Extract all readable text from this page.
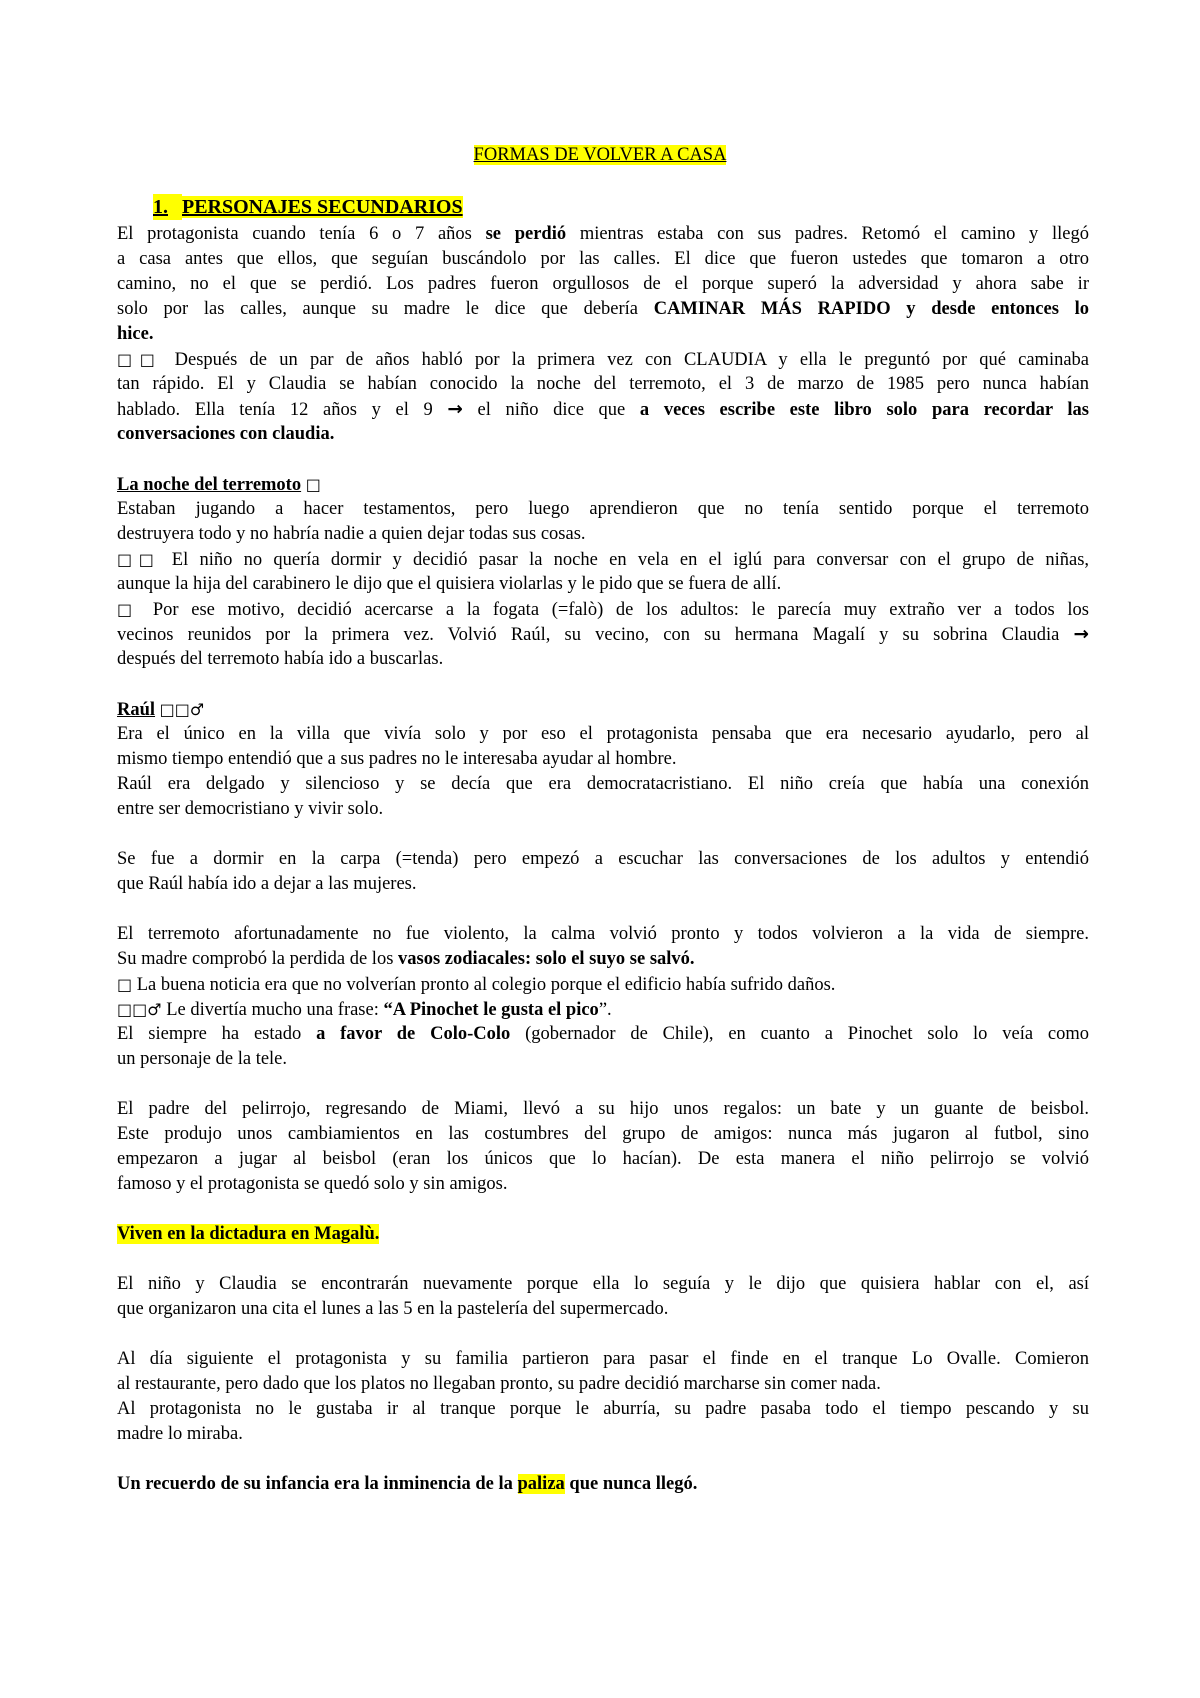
FORMAS DE VOLVER A CASA
1. PERSONAJES SECUNDARIOS
El protagonista cuando tenía 6 o 7 años se perdió mientras estaba con sus padres. Retomó el camino y llegó
a casa antes que ellos, que seguían buscándolo por las calles. El dice que fueron ustedes que tomaron a otro
camino, no el que se perdió. Los padres fueron orgullosos de el porque superó la adversidad y ahora sabe ir
solo por las calles, aunque su madre le dice que debería CAMINAR MÁS RAPIDO y desde entonces lo
hice.
□□ Después de un par de años habló por la primera vez con CLAUDIA y ella le preguntó por qué caminaba
tan rápido. El y Claudia se habían conocido la noche del terremoto, el 3 de marzo de 1985 pero nunca habían
hablado. Ella tenía 12 años y el 9 → el niño dice que a veces escribe este libro solo para recordar las
conversaciones con claudia.
La noche del terremoto □
Estaban jugando a hacer testamentos, pero luego aprendieron que no tenía sentido porque el terremoto
destruyera todo y no habría nadie a quien dejar todas sus cosas.
□□ El niño no quería dormir y decidió pasar la noche en vela en el iglú para conversar con el grupo de niñas,
aunque la hija del carabinero le dijo que el quisiera violarlas y le pido que se fuera de allí.
□ Por ese motivo, decidió acercarse a la fogata (=falò) de los adultos: le parecía muy extraño ver a todos los
vecinos reunidos por la primera vez. Volvió Raúl, su vecino, con su hermana Magalí y su sobrina Claudia →
después del terremoto había ido a buscarlas.
Raúl □□♂
Era el único en la villa que vivía solo y por eso el protagonista pensaba que era necesario ayudarlo, pero al
mismo tiempo entendió que a sus padres no le interesaba ayudar al hombre.
Raúl era delgado y silencioso y se decía que era democratacristiano. El niño creía que había una conexión
entre ser democristiano y vivir solo.
Se fue a dormir en la carpa (=tenda) pero empezó a escuchar las conversaciones de los adultos y entendió
que Raúl había ido a dejar a las mujeres.
El terremoto afortunadamente no fue violento, la calma volvió pronto y todos volvieron a la vida de siempre.
Su madre comprobó la perdida de los vasos zodiacales: solo el suyo se salvó.
□ La buena noticia era que no volverían pronto al colegio porque el edificio había sufrido daños.
□□♂ Le divertía mucho una frase: “A Pinochet le gusta el pico”.
El siempre ha estado a favor de Colo-Colo (gobernador de Chile), en cuanto a Pinochet solo lo veía como
un personaje de la tele.
El padre del pelirrojo, regresando de Miami, llevó a su hijo unos regalos: un bate y un guante de beisbol.
Este produjo unos cambiamientos en las costumbres del grupo de amigos: nunca más jugaron al futbol, sino
empezaron a jugar al beisbol (eran los únicos que lo hacían). De esta manera el niño pelirrojo se volvió
famoso y el protagonista se quedó solo y sin amigos.
Viven en la dictadura en Magalù.
El niño y Claudia se encontrarán nuevamente porque ella lo seguía y le dijo que quisiera hablar con el, así
que organizaron una cita el lunes a las 5 en la pastelería del supermercado.
Al día siguiente el protagonista y su familia partieron para pasar el finde en el tranque Lo Ovalle. Comieron
al restaurante, pero dado que los platos no llegaban pronto, su padre decidió marcharse sin comer nada.
Al protagonista no le gustaba ir al tranque porque le aburría, su padre pasaba todo el tiempo pescando y su
madre lo miraba.
Un recuerdo de su infancia era la inminencia de la paliza que nunca llegó.
